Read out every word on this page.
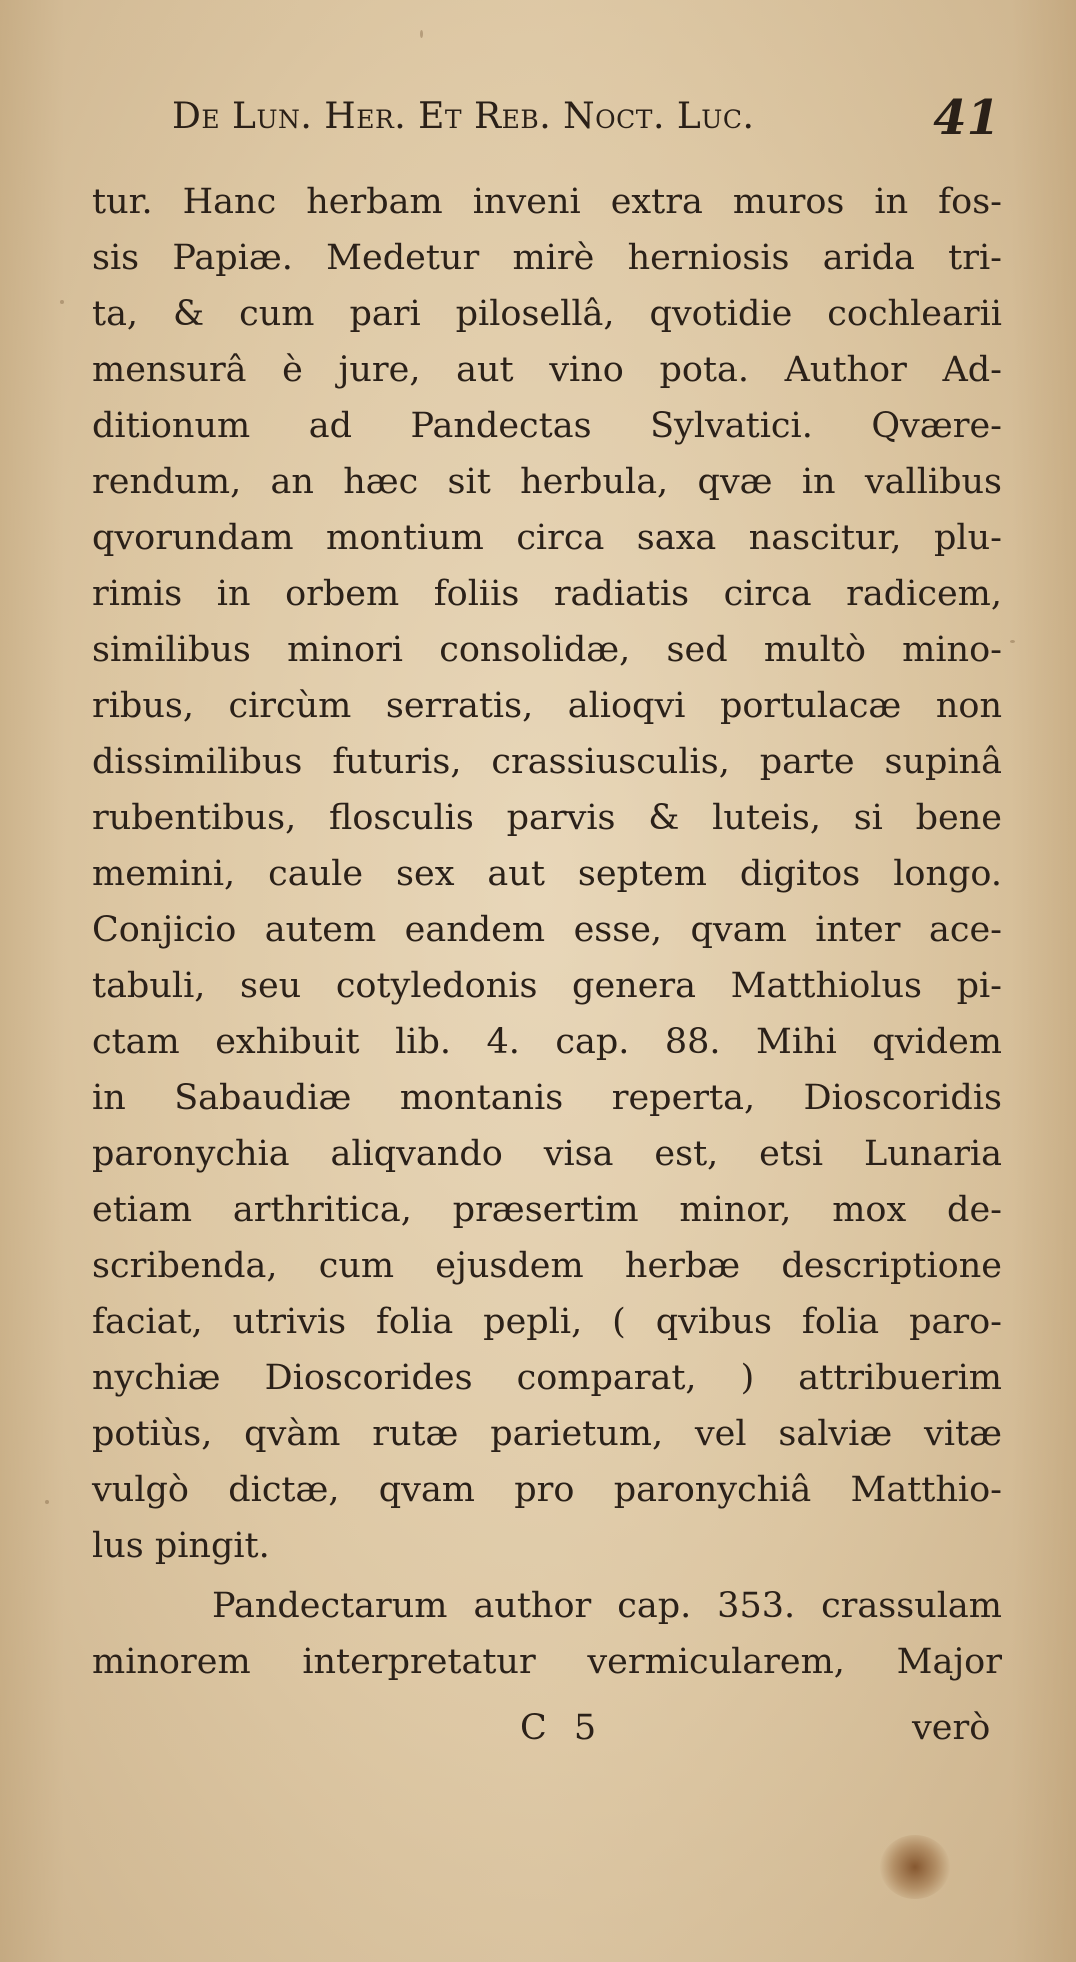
De Lun. Her. Et Reb. Noct. Luc.	41
tur. Hanc herbam inveni extra muros in fos-
sis Papiæ. Medetur mirè herniosis arida tri-
ta, & cum pari pilosellâ, qvotidie cochlearii
mensurâ è jure, aut vino pota. Author Ad-
ditionum ad Pandectas Sylvatici. Qvære-
rendum, an hæc sit herbula, qvæ in vallibus
qvorundam montium circa saxa nascitur, plu-
rimis in orbem foliis radiatis circa radicem,
similibus minori consolidæ, sed multò mino-
ribus, circùm serratis, alioqvi portulacæ non
dissimilibus futuris, crassiusculis, parte supinâ
rubentibus, flosculis parvis & luteis, si bene
memini, caule sex aut septem digitos longo.
Conjicio autem eandem esse, qvam inter ace-
tabuli, seu cotyledonis genera Matthiolus pi-
ctam exhibuit lib. 4. cap. 88. Mihi qvidem
in Sabaudiæ montanis reperta, Dioscoridis
paronychia aliqvando visa est, etsi Lunaria
etiam arthritica, præsertim minor, mox de-
scribenda, cum ejusdem herbæ descriptione
faciat, utrivis folia pepli, ( qvibus folia paro-
nychiæ Dioscorides comparat, ) attribuerim
potiùs, qvàm rutæ parietum, vel salviæ vitæ
vulgò dictæ, qvam pro paronychiâ Matthio-
lus pingit.
Pandectarum author cap. 353. crassulam
minorem interpretatur vermicularem, Major
C 5	verò
